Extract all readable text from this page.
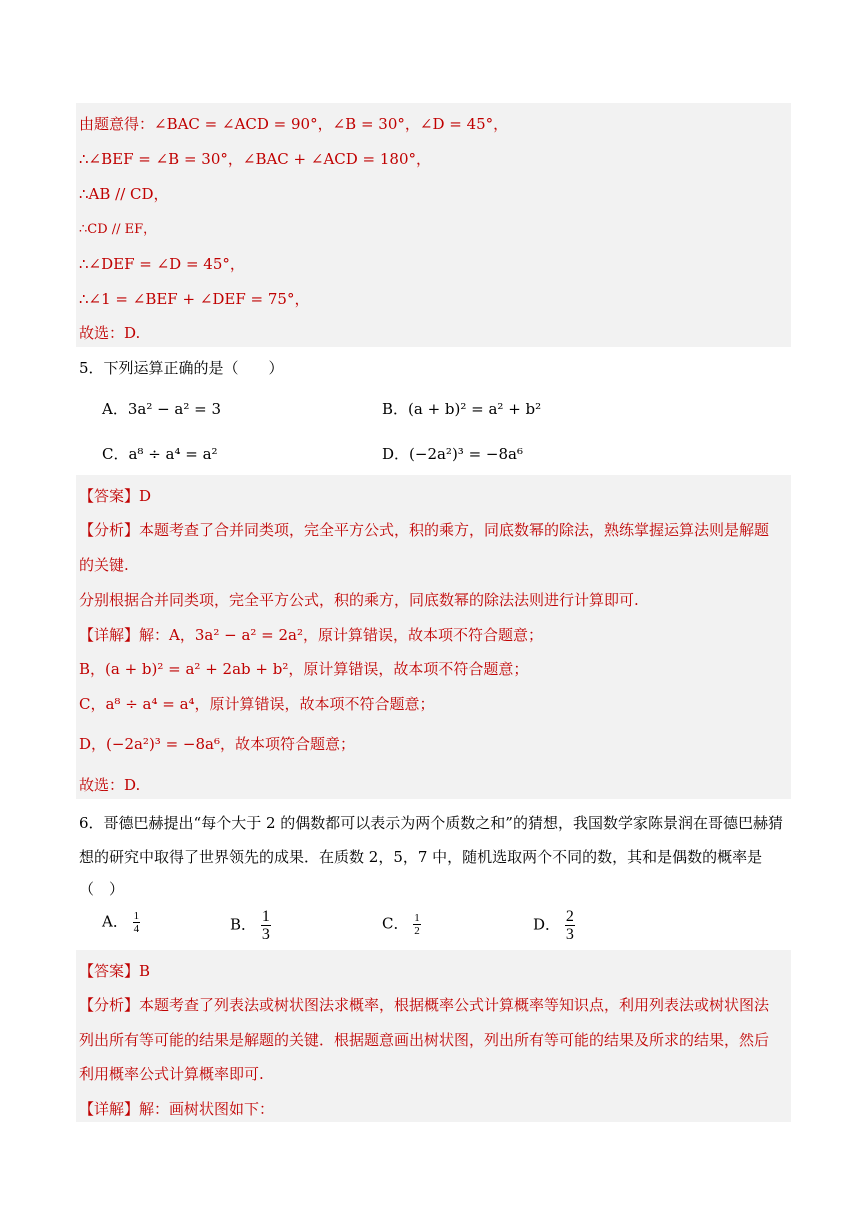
由题意得：∠BAC = ∠ACD = 90°，∠B = 30°，∠D = 45°，
∴∠BEF = ∠B = 30°，∠BAC + ∠ACD = 180°，
∴AB // CD，
∴CD // EF，
∴∠DEF = ∠D = 45°，
∴∠1 = ∠BEF + ∠DEF = 75°，
故选：D.
5．下列运算正确的是（　　）
A．3a² − a² = 3	B．(a + b)² = a² + b²
C．a⁸ ÷ a⁴ = a²	D．(−2a²)³ = −8a⁶
【答案】D
【分析】本题考查了合并同类项，完全平方公式，积的乘方，同底数幂的除法，熟练掌握运算法则是解题
的关键.
分别根据合并同类项，完全平方公式，积的乘方，同底数幂的除法法则进行计算即可.
【详解】解：A，3a² − a² = 2a²，原计算错误，故本项不符合题意；
B，(a + b)² = a² + 2ab + b²，原计算错误，故本项不符合题意；
C，a⁸ ÷ a⁴ = a⁴，原计算错误，故本项不符合题意；
D，(−2a²)³ = −8a⁶，故本项符合题意；
故选：D.
6．哥德巴赫提出“每个大于 2 的偶数都可以表示为两个质数之和”的猜想，我国数学家陈景润在哥德巴赫猜
想的研究中取得了世界领先的成果．在质数 2，5，7 中，随机选取两个不同的数，其和是偶数的概率是
（　）
A． $\frac{1}{4}$	B． $\frac{1}{3}$	C． $\frac{1}{2}$	D． $\frac{2}{3}$
【答案】B
【分析】本题考查了列表法或树状图法求概率，根据概率公式计算概率等知识点，利用列表法或树状图法
列出所有等可能的结果是解题的关键．根据题意画出树状图，列出所有等可能的结果及所求的结果，然后
利用概率公式计算概率即可.
【详解】解：画树状图如下：
